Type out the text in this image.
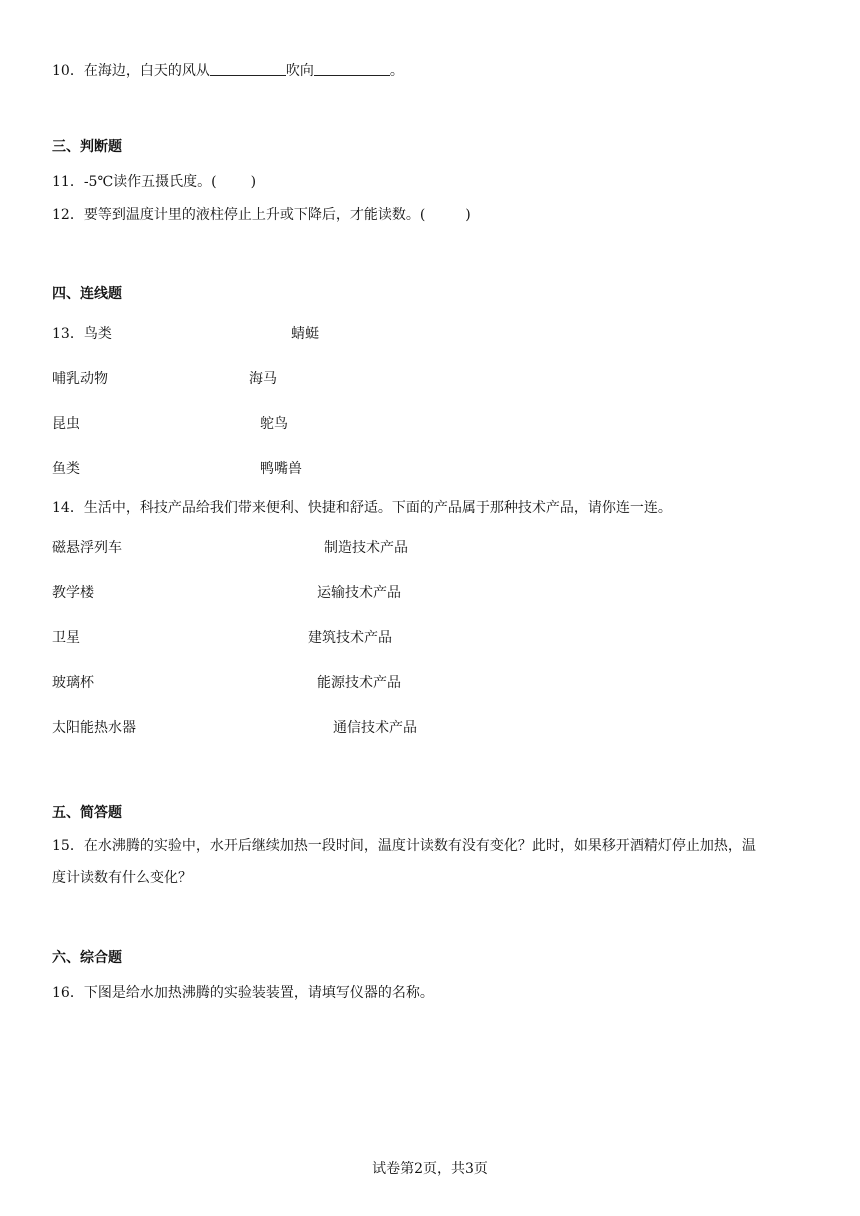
10．在海边，白天的风从	吹向	。
三、判断题
11．-5℃读作五摄氏度。( )
12．要等到温度计里的液柱停止上升或下降后，才能读数。(	)
四、连线题
13．鸟类	蜻蜓
哺乳动物	海马
昆虫	鸵鸟
鱼类	鸭嘴兽
14．生活中，科技产品给我们带来便利、快捷和舒适。下面的产品属于那种技术产品，请你连一连。
磁悬浮列车	制造技术产品
教学楼	运输技术产品
卫星	建筑技术产品
玻璃杯	能源技术产品
太阳能热水器	通信技术产品
五、简答题
15．在水沸腾的实验中，水开后继续加热一段时间，温度计读数有没有变化？此时，如果移开酒精灯停止加热，温
度计读数有什么变化？
六、综合题
16．下图是给水加热沸腾的实验装装置，请填写仪器的名称。
试卷第2页，共3页
